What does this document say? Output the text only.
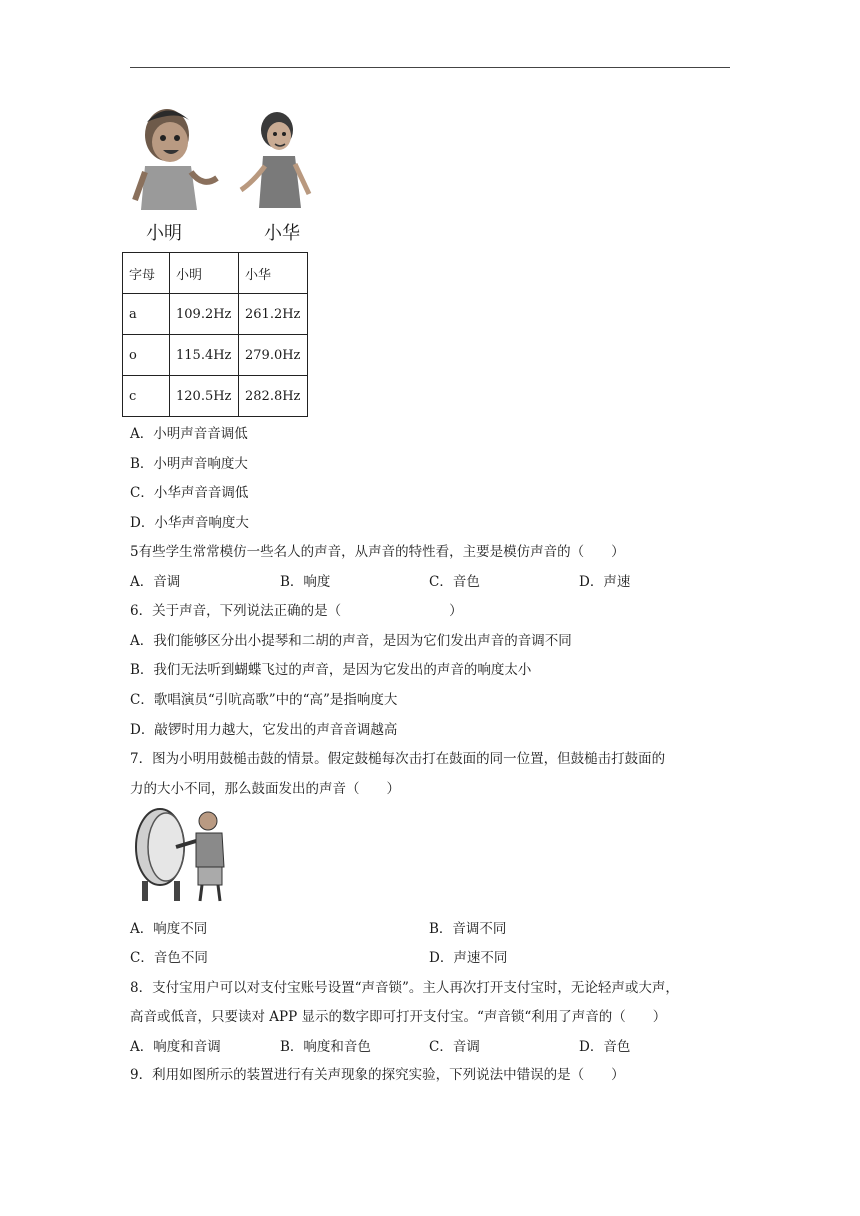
小明	小华
字母	小明	小华
a	109.2Hz	261.2Hz
o	115.4Hz	279.0Hz
c	120.5Hz	282.8Hz
A．小明声音音调低
B．小明声音响度大
C．小华声音音调低
D．小华声音响度大
5有些学生常常模仿一些名人的声音，从声音的特性看，主要是模仿声音的（　　）
A．音调	B．响度	C．音色	D．声速
6．关于声音，下列说法正确的是（　　　　　　　　）
A．我们能够区分出小提琴和二胡的声音，是因为它们发出声音的音调不同
B．我们无法听到蝴蝶飞过的声音，是因为它发出的声音的响度太小
C．歌唱演员“引吭高歌”中的“高”是指响度大
D．敲锣时用力越大，它发出的声音音调越高
7．图为小明用鼓槌击鼓的情景。假定鼓槌每次击打在鼓面的同一位置，但鼓槌击打鼓面的
力的大小不同，那么鼓面发出的声音（　　）
A．响度不同	B．音调不同
C．音色不同	D．声速不同
8．支付宝用户可以对支付宝账号设置“声音锁”。主人再次打开支付宝时，无论轻声或大声，
高音或低音，只要读对 APP 显示的数字即可打开支付宝。“声音锁“利用了声音的（　　）
A．响度和音调	B．响度和音色	C．音调	D．音色
9．利用如图所示的装置进行有关声现象的探究实验，下列说法中错误的是（　　）
